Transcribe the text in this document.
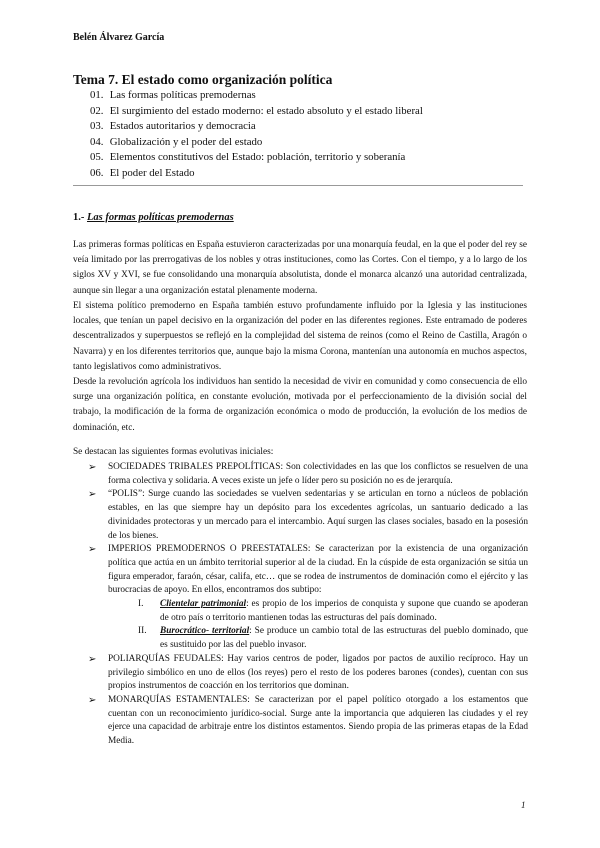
Belén Álvarez García
Tema 7. El estado como organización política
01. Las formas políticas premodernas
02. El surgimiento del estado moderno: el estado absoluto y el estado liberal
03. Estados autoritarios y democracia
04. Globalización y el poder del estado
05. Elementos constitutivos del Estado: población, territorio y soberanía
06. El poder del Estado
1.- Las formas políticas premodernas

Las primeras formas políticas en España estuvieron caracterizadas por una monarquía feudal, en la que el poder del rey se veía limitado por las prerrogativas de los nobles y otras instituciones, como las Cortes. Con el tiempo, y a lo largo de los siglos XV y XVI, se fue consolidando una monarquía absolutista, donde el monarca alcanzó una autoridad centralizada, aunque sin llegar a una organización estatal plenamente moderna.

El sistema político premoderno en España también estuvo profundamente influido por la Iglesia y las instituciones locales, que tenían un papel decisivo en la organización del poder en las diferentes regiones. Este entramado de poderes descentralizados y superpuestos se reflejó en la complejidad del sistema de reinos (como el Reino de Castilla, Aragón o Navarra) y en los diferentes territorios que, aunque bajo la misma Corona, mantenían una autonomía en muchos aspectos, tanto legislativos como administrativos.

Desde la revolución agrícola los individuos han sentido la necesidad de vivir en comunidad y como consecuencia de ello surge una organización política, en constante evolución, motivada por el perfeccionamiento de la división social del trabajo, la modificación de la forma de organización económica o modo de producción, la evolución de los medios de dominación, etc.

Se destacan las siguientes formas evolutivas iniciales:
➢ SOCIEDADES TRIBALES PREPOLÍTICAS: Son colectividades en las que los conflictos se resuelven de una forma colectiva y solidaria. A veces existe un jefe o líder pero su posición no es de jerarquía.
➢ “POLIS”: Surge cuando las sociedades se vuelven sedentarias y se articulan en torno a núcleos de población estables, en las que siempre hay un depósito para los excedentes agrícolas, un santuario dedicado a las divinidades protectoras y un mercado para el intercambio. Aquí surgen las clases sociales, basado en la posesión de los bienes.
➢ IMPERIOS PREMODERNOS O PREESTATALES: Se caracterizan por la existencia de una organización política que actúa en un ámbito territorial superior al de la ciudad. En la cúspide de esta organización se sitúa un figura emperador, faraón, césar, califa, etc… que se rodea de instrumentos de dominación como el ejército y las burocracias de apoyo. En ellos, encontramos dos subtipo:
I. Clientelar patrimonial: es propio de los imperios de conquista y supone que cuando se apoderan de otro país o territorio mantienen todas las estructuras del país dominado.
II. Burocrático- territorial: Se produce un cambio total de las estructuras del pueblo dominado, que es sustituido por las del pueblo invasor.
➢ POLIARQUÍAS FEUDALES: Hay varios centros de poder, ligados por pactos de auxilio recíproco. Hay un privilegio simbólico en uno de ellos (los reyes) pero el resto de los poderes barones (condes), cuentan con sus propios instrumentos de coacción en los territorios que dominan.
➢ MONARQUÍAS ESTAMENTALES: Se caracterizan por el papel político otorgado a los estamentos que cuentan con un reconocimiento jurídico-social. Surge ante la importancia que adquieren las ciudades y el rey ejerce una capacidad de arbitraje entre los distintos estamentos. Siendo propia de las primeras etapas de la Edad Media.
1
